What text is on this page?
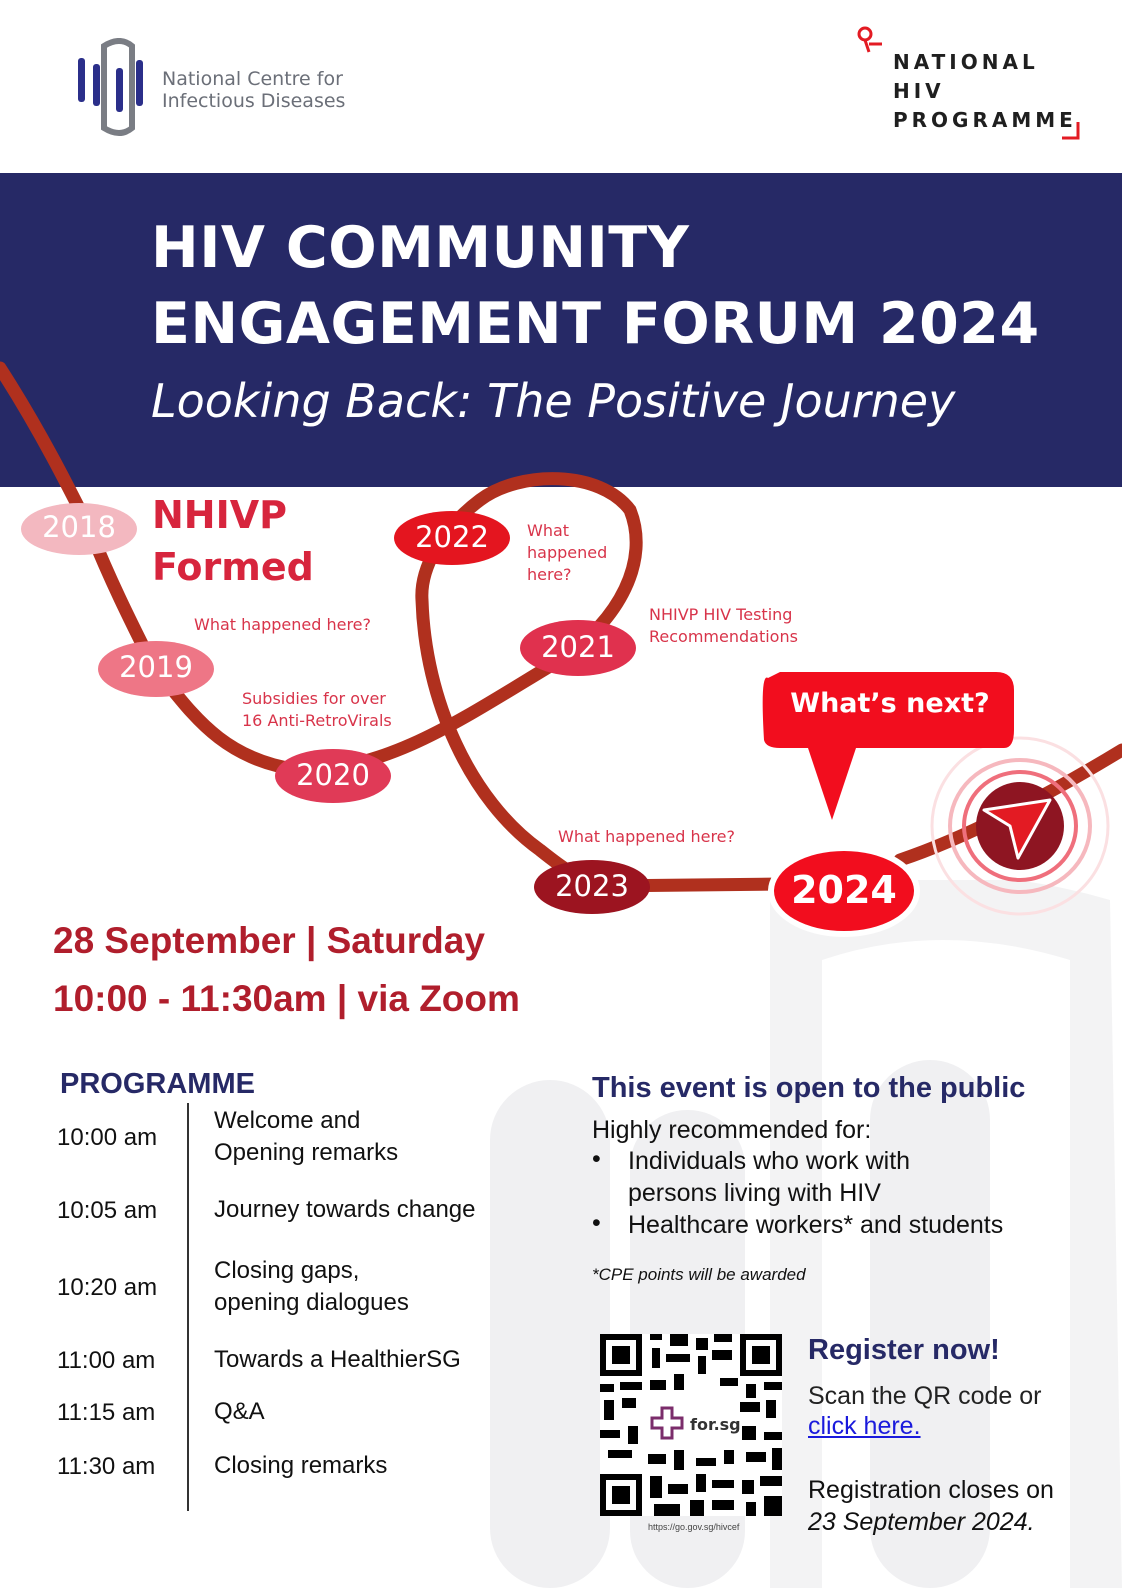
National Centre for
Infectious Diseases
NATIONAL
HIV
PROGRAMME
HIV COMMUNITY
ENGAGEMENT FORUM 2024
Looking Back: The Positive Journey
2018
2019
2020
2021
2022
2023	2024
NHIVP
Formed
What happened here?
Subsidies for over
16 Anti-RetroVirals
NHIVP HIV Testing
Recommendations
What
happened
here?
What happened here?
What’s next?
28 September | Saturday
10:00 - 11:30am | via Zoom
PROGRAMME
10:00 am
Welcome and
Opening remarks
10:05 am Journey towards change
10:20 am
Closing gaps,
opening dialogues
11:00 am Towards a HealthierSG
11:15 am Q&A
11:30 am Closing remarks
This event is open to the public
Highly recommended for:
• Individuals who work with
persons living with HIV
• Healthcare workers* and students
*CPE points will be awarded
for.sg
https://go.gov.sg/hivcef
Register now!
Scan the QR code or
click here.
Registration closes on
23 September 2024.
